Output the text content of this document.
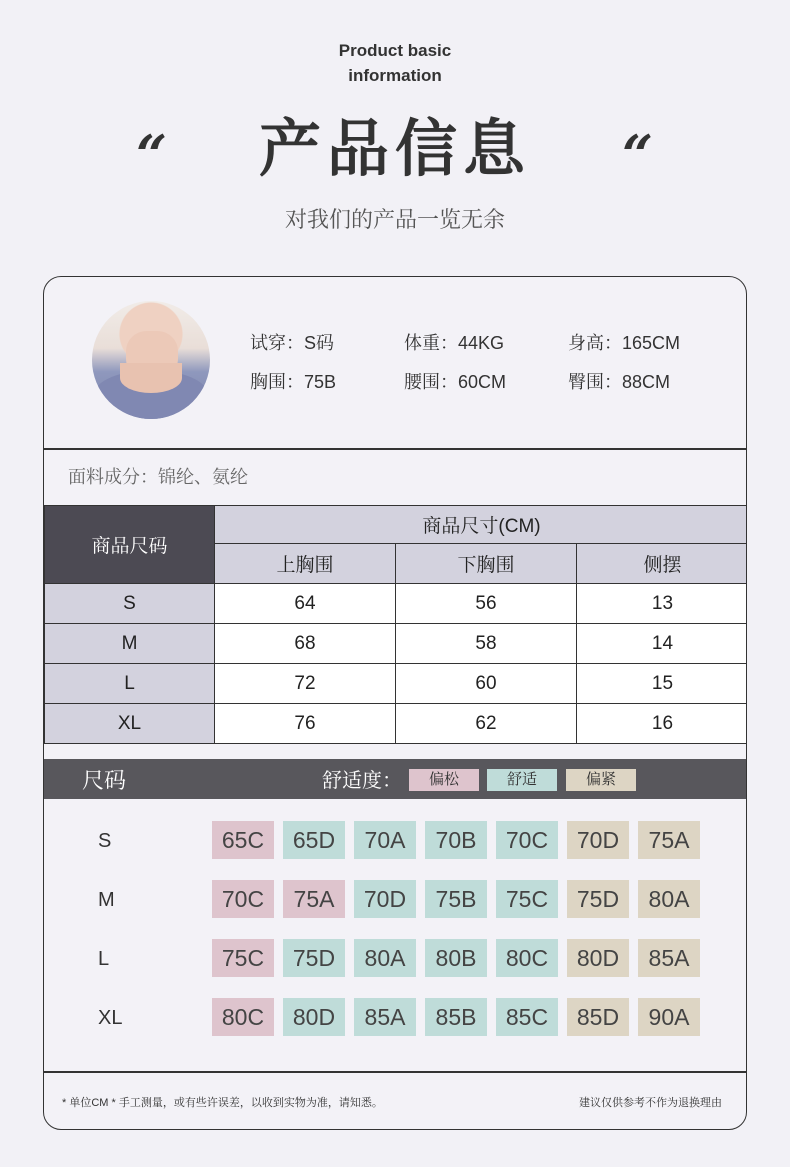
Product basic
information
“	产品信息	“
对我们的产品一览无余
试穿：S码	体重：44KG	身高：165CM
胸围：75B	腰围：60CM	臀围：88CM
面料成分：锦纶、氨纶
商品尺码	商品尺寸(CM)		
	上胸围	下胸围	侧摆
S	64	56	13
M	68	58	14
L	72	60	15
XL	76	62	16
尺码	舒适度：	偏松	舒适	偏紧
S	65C	65D	70A	70B	70C	70D	75A
M	70C	75A	70D	75B	75C	75D	80A
L	75C	75D	80A	80B	80C	80D	85A
XL	80C	80D	85A	85B	85C	85D	90A
* 单位CM * 手工测量，或有些许误差，以收到实物为准，请知悉。	建议仅供参考不作为退换理由
